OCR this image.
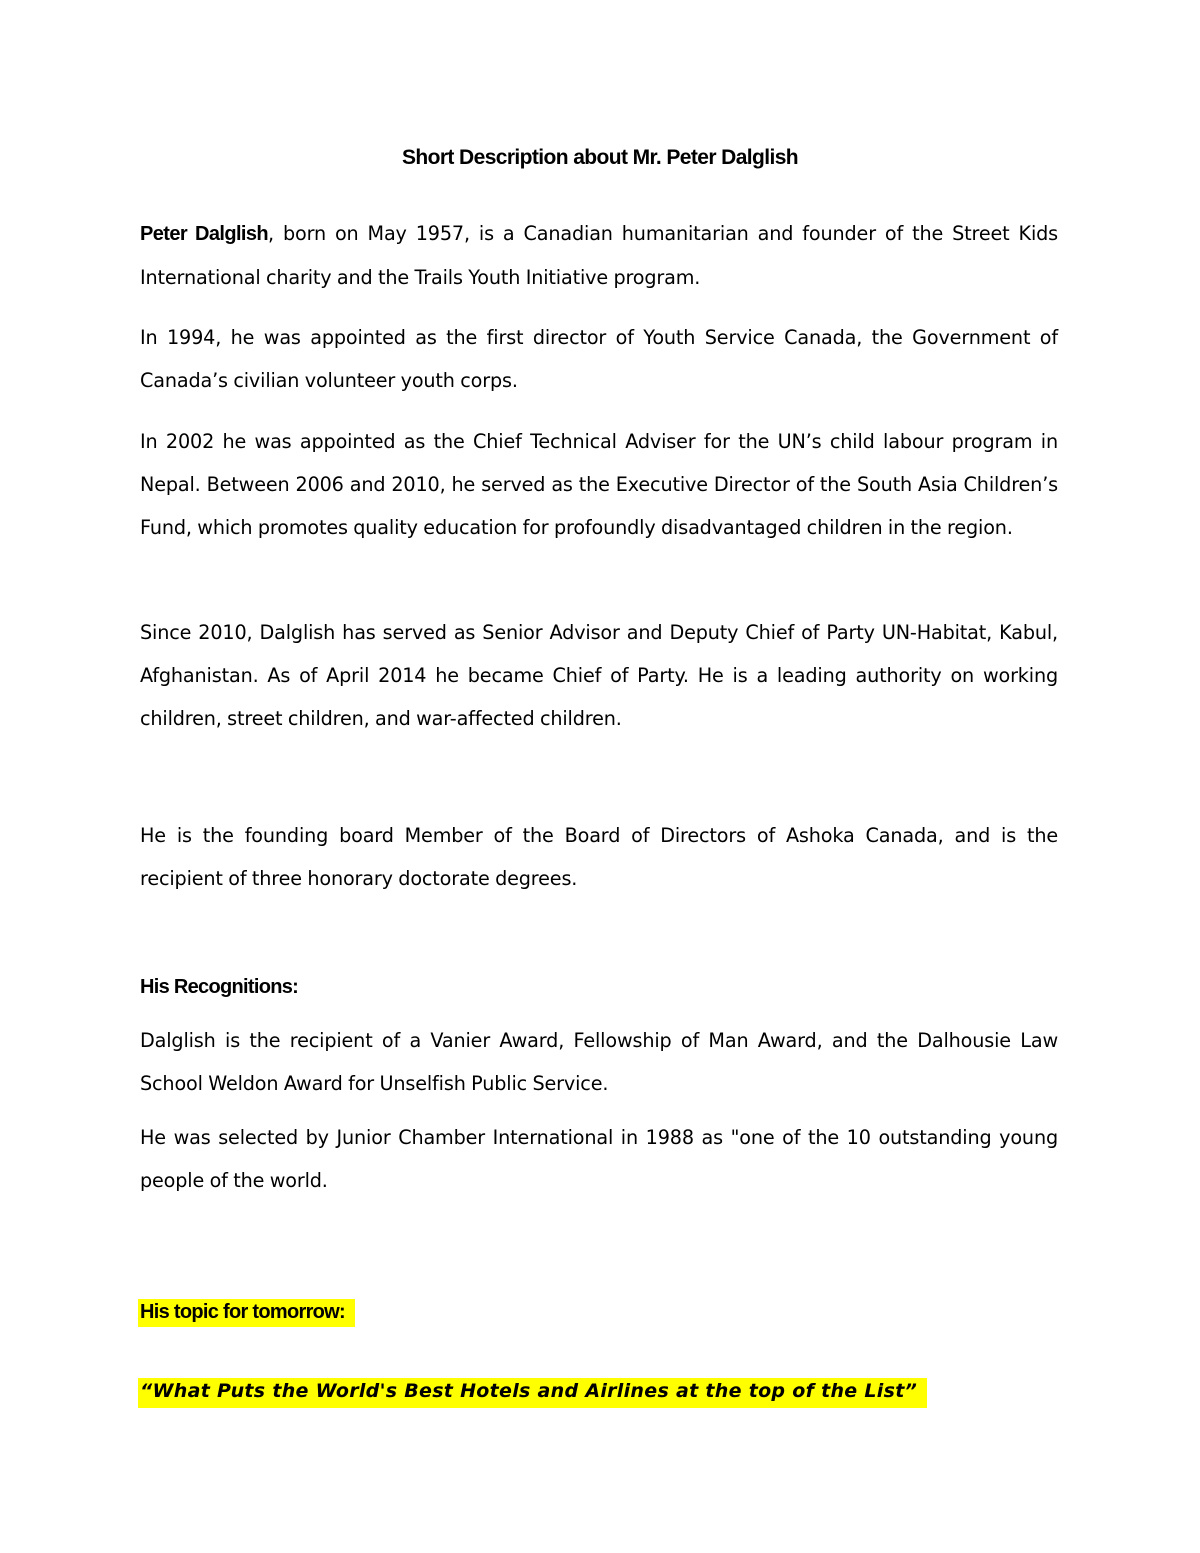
Short Description about Mr. Peter Dalglish
Peter Dalglish, born on May 1957, is a Canadian humanitarian and founder of the Street Kids International charity and the Trails Youth Initiative program.
In 1994, he was appointed as the first director of Youth Service Canada, the Government of Canada’s civilian volunteer youth corps.
In 2002 he was appointed as the Chief Technical Adviser for the UN’s child labour program in Nepal. Between 2006 and 2010, he served as the Executive Director of the South Asia Children’s Fund, which promotes quality education for profoundly disadvantaged children in the region.
Since 2010, Dalglish has served as Senior Advisor and Deputy Chief of Party UN-Habitat, Kabul, Afghanistan. As of April 2014 he became Chief of Party. He is a leading authority on working children, street children, and war-affected children.
He is the founding board Member of the Board of Directors of Ashoka Canada, and is the recipient of three honorary doctorate degrees.
His Recognitions:
Dalglish is the recipient of a Vanier Award, Fellowship of Man Award, and the Dalhousie Law School Weldon Award for Unselfish Public Service.
He was selected by Junior Chamber International in 1988 as "one of the 10 outstanding young people of the world.
His topic for tomorrow:
“What Puts the World's Best Hotels and Airlines at the top of the List”
